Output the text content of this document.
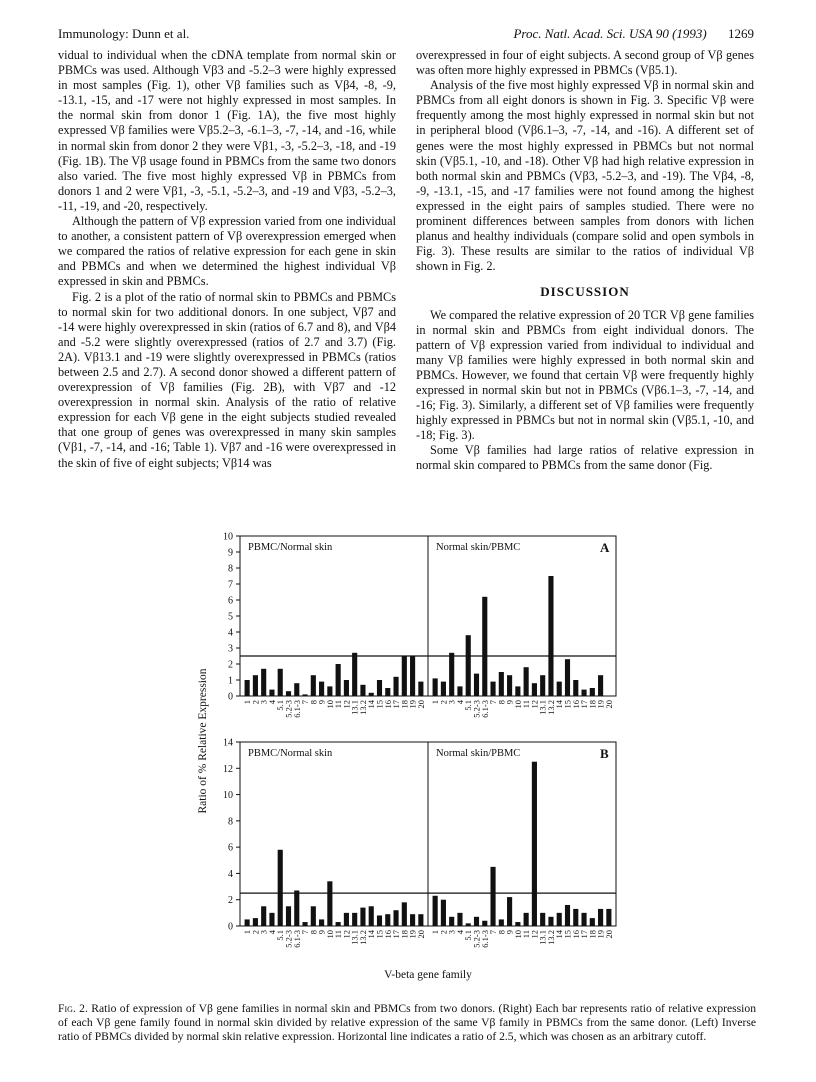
Immunology: Dunn et al.	Proc. Natl. Acad. Sci. USA 90 (1993) 1269

vidual to individual when the cDNA template from normal skin or PBMCs was used. Although Vβ3 and -5.2–3 were highly expressed in most samples (Fig. 1), other Vβ families such as Vβ4, -8, -9, -13.1, -15, and -17 were not highly expressed in most samples. In the normal skin from donor 1 (Fig. 1A), the five most highly expressed Vβ families were Vβ5.2–3, -6.1–3, -7, -14, and -16, while in normal skin from donor 2 they were Vβ1, -3, -5.2–3, -18, and -19 (Fig. 1B). The Vβ usage found in PBMCs from the same two donors also varied. The five most highly expressed Vβ in PBMCs from donors 1 and 2 were Vβ1, -3, -5.1, -5.2–3, and -19 and Vβ3, -5.2–3, -11, -19, and -20, respectively.

Although the pattern of Vβ expression varied from one individual to another, a consistent pattern of Vβ overexpression emerged when we compared the ratios of relative expression for each gene in skin and PBMCs and when we determined the highest individual Vβ expressed in skin and PBMCs.

Fig. 2 is a plot of the ratio of normal skin to PBMCs and PBMCs to normal skin for two additional donors. In one subject, Vβ7 and -14 were highly overexpressed in skin (ratios of 6.7 and 8), and Vβ4 and -5.2 were slightly overexpressed (ratios of 2.7 and 3.7) (Fig. 2A). Vβ13.1 and -19 were slightly overexpressed in PBMCs (ratios between 2.5 and 2.7). A second donor showed a different pattern of overexpression of Vβ families (Fig. 2B), with Vβ7 and -12 overexpression in normal skin. Analysis of the ratio of relative expression for each Vβ gene in the eight subjects studied revealed that one group of genes was overexpressed in many skin samples (Vβ1, -7, -14, and -16; Table 1). Vβ7 and -16 were overexpressed in the skin of five of eight subjects; Vβ14 was

overexpressed in four of eight subjects. A second group of Vβ genes was often more highly expressed in PBMCs (Vβ5.1).

Analysis of the five most highly expressed Vβ in normal skin and PBMCs from all eight donors is shown in Fig. 3. Specific Vβ were frequently among the most highly expressed in normal skin but not in peripheral blood (Vβ6.1–3, -7, -14, and -16). A different set of genes were the most highly expressed in PBMCs but not normal skin (Vβ5.1, -10, and -18). Other Vβ had high relative expression in both normal skin and PBMCs (Vβ3, -5.2–3, and -19). The Vβ4, -8, -9, -13.1, -15, and -17 families were not found among the highest expressed in the eight pairs of samples studied. There were no prominent differences between samples from donors with lichen planus and healthy individuals (compare solid and open symbols in Fig. 3). These results are similar to the ratios of individual Vβ shown in Fig. 2.

DISCUSSION

We compared the relative expression of 20 TCR Vβ gene families in normal skin and PBMCs from eight individual donors. The pattern of Vβ expression varied from individual to individual and many Vβ families were highly expressed in both normal skin and PBMCs. However, we found that certain Vβ were frequently highly expressed in normal skin but not in PBMCs (Vβ6.1–3, -7, -14, and -16; Fig. 3). Similarly, a different set of Vβ families were frequently highly expressed in PBMCs but not in normal skin (Vβ5.1, -10, and -18; Fig. 3).

Some Vβ families had large ratios of relative expression in normal skin compared to PBMCs from the same donor (Fig.

PBMC/Normal skin
0
1
2
3
4
5
6
7
8
9
10
1
2
3
4
5.1
5.2-3
6.1-3
7
8
9
10
11
12
13.1
13.2
14
15
16
17
18
19
20
Normal skin/PBMC	A
1
2
3
4
5.1
5.2-3
6.1-3
7
8
9
10
11
12
13.1
13.2
14
15
16
17
18
19
20
PBMC/Normal skin
0
2
4
6
8
10
12
14
1
2
3
4
5.1
5.2-3
6.1-3
7
8
9
10
11
12
13.1
13.2
14
15
16
17
18
19
20
Normal skin/PBMC	B
1
2
3
4
5.1
5.2-3
6.1-3
7
8
9
10
11
12
13.1
13.2
14
15
16
17
18
19
20
Ratio of % Relative Expression
V-beta gene family
Fig. 2. Ratio of expression of Vβ gene families in normal skin and PBMCs from two donors. (Right) Each bar represents ratio of relative expression of each Vβ gene family found in normal skin divided by relative expression of the same Vβ family in PBMCs from the same donor. (Left) Inverse ratio of PBMCs divided by normal skin relative expression. Horizontal line indicates a ratio of 2.5, which was chosen as an arbitrary cutoff.
